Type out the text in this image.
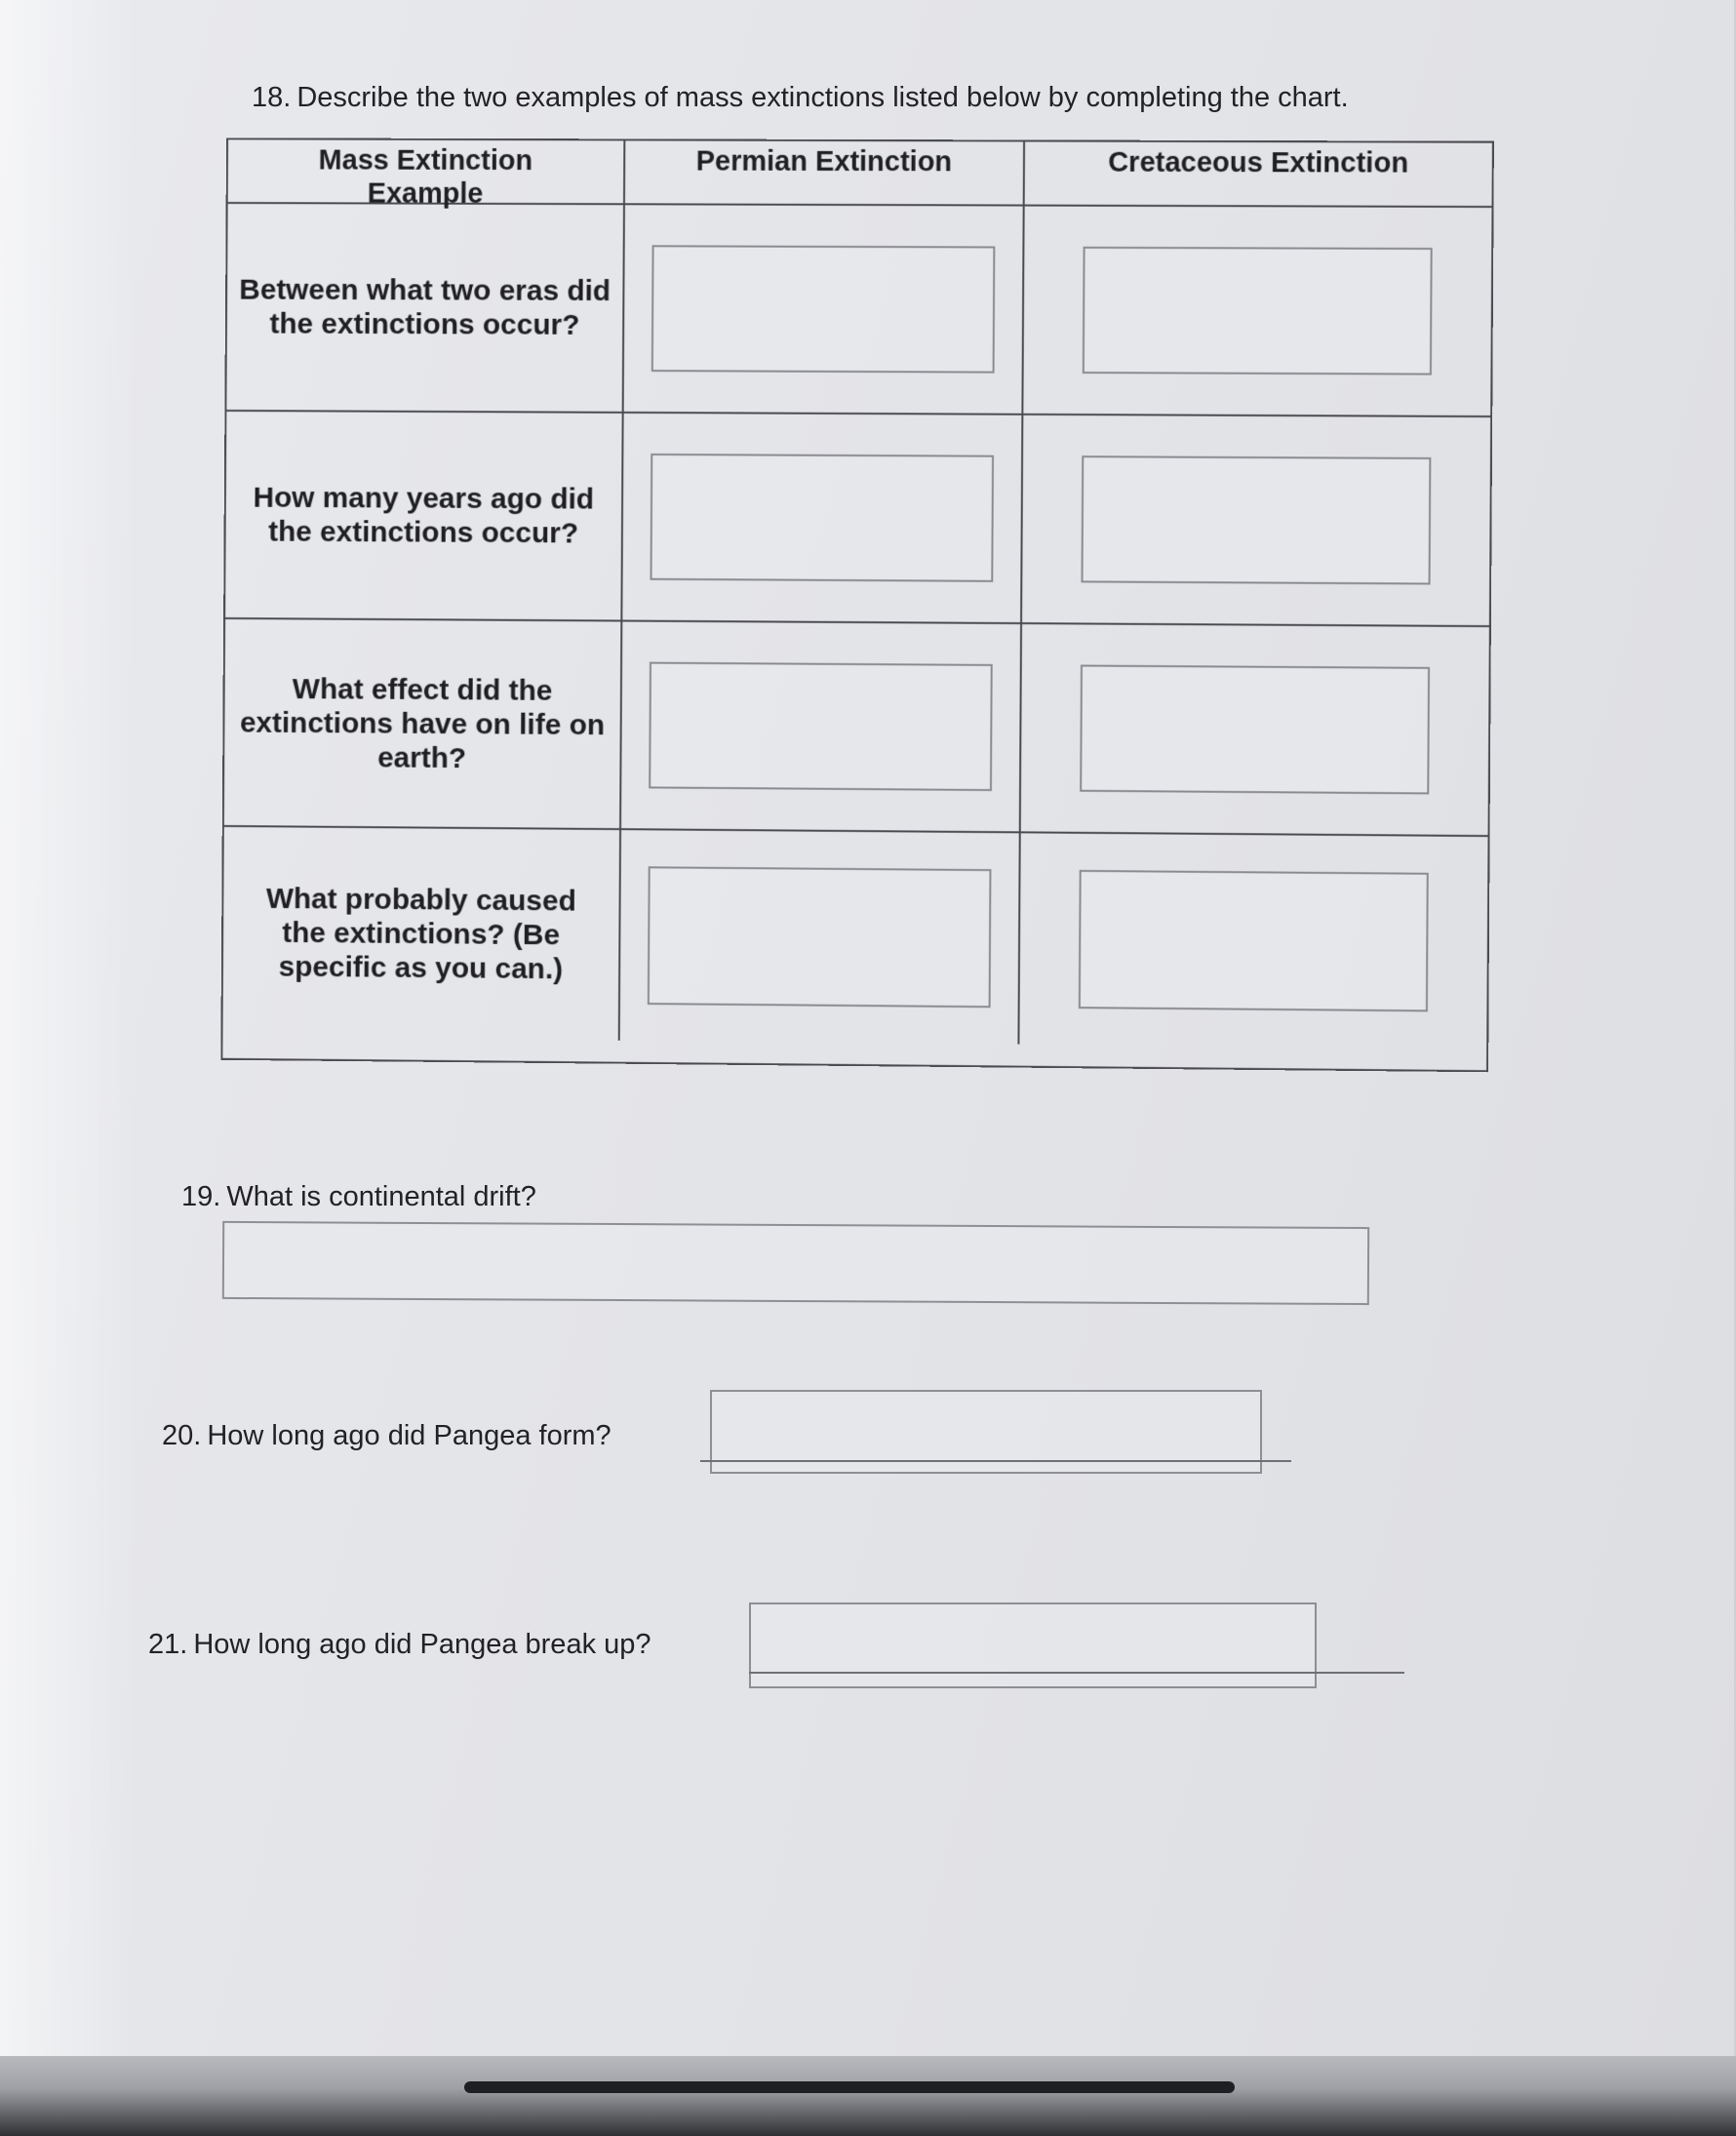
18. Describe the two examples of mass extinctions listed below by completing the chart.
Mass Extinction Example
Permian Extinction	Cretaceous Extinction
Between what two eras did the extinctions occur?
How many years ago did the extinctions occur?
What effect did the extinctions have on life on earth?
What probably caused the extinctions? (Be specific as you can.)
19. What is continental drift?
20. How long ago did Pangea form?
21. How long ago did Pangea break up?
